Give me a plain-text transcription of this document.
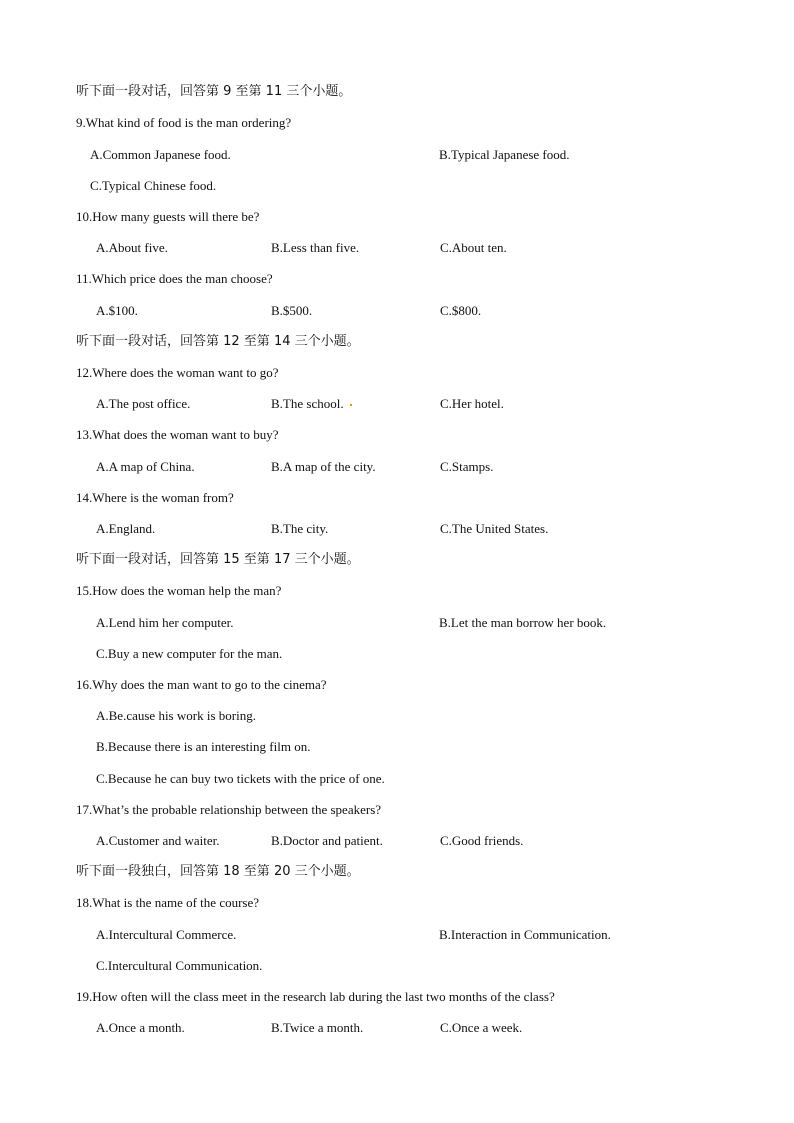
听下面一段对话，回答第 9 至第 11 三个小题。
9.What kind of food is the man ordering?
A.Common Japanese food.	B.Typical Japanese food.
C.Typical Chinese food.
10.How many guests will there be?
A.About five.	B.Less than five.	C.About ten.
11.Which price does the man choose?
A.$100.	B.$500.	C.$800.
听下面一段对话，回答第 12 至第 14 三个小题。
12.Where does the woman want to go?
A.The post office.	B.The school.	C.Her hotel.
13.What does the woman want to buy?
A.A map of China.	B.A map of the city.	C.Stamps.
14.Where is the woman from?
A.England.	B.The city.	C.The United States.
听下面一段对话，回答第 15 至第 17 三个小题。
15.How does the woman help the man?
A.Lend him her computer.	B.Let the man borrow her book.
C.Buy a new computer for the man.
16.Why does the man want to go to the cinema?
A.Be.cause his work is boring.
B.Because there is an interesting film on.
C.Because he can buy two tickets with the price of one.
17.What’s the probable relationship between the speakers?
A.Customer and waiter.	B.Doctor and patient.	C.Good friends.
听下面一段独白，回答第 18 至第 20 三个小题。
18.What is the name of the course?
A.Intercultural Commerce.	B.Interaction in Communication.
C.Intercultural Communication.
19.How often will the class meet in the research lab during the last two months of the class?
A.Once a month.	B.Twice a month.	C.Once a week.
